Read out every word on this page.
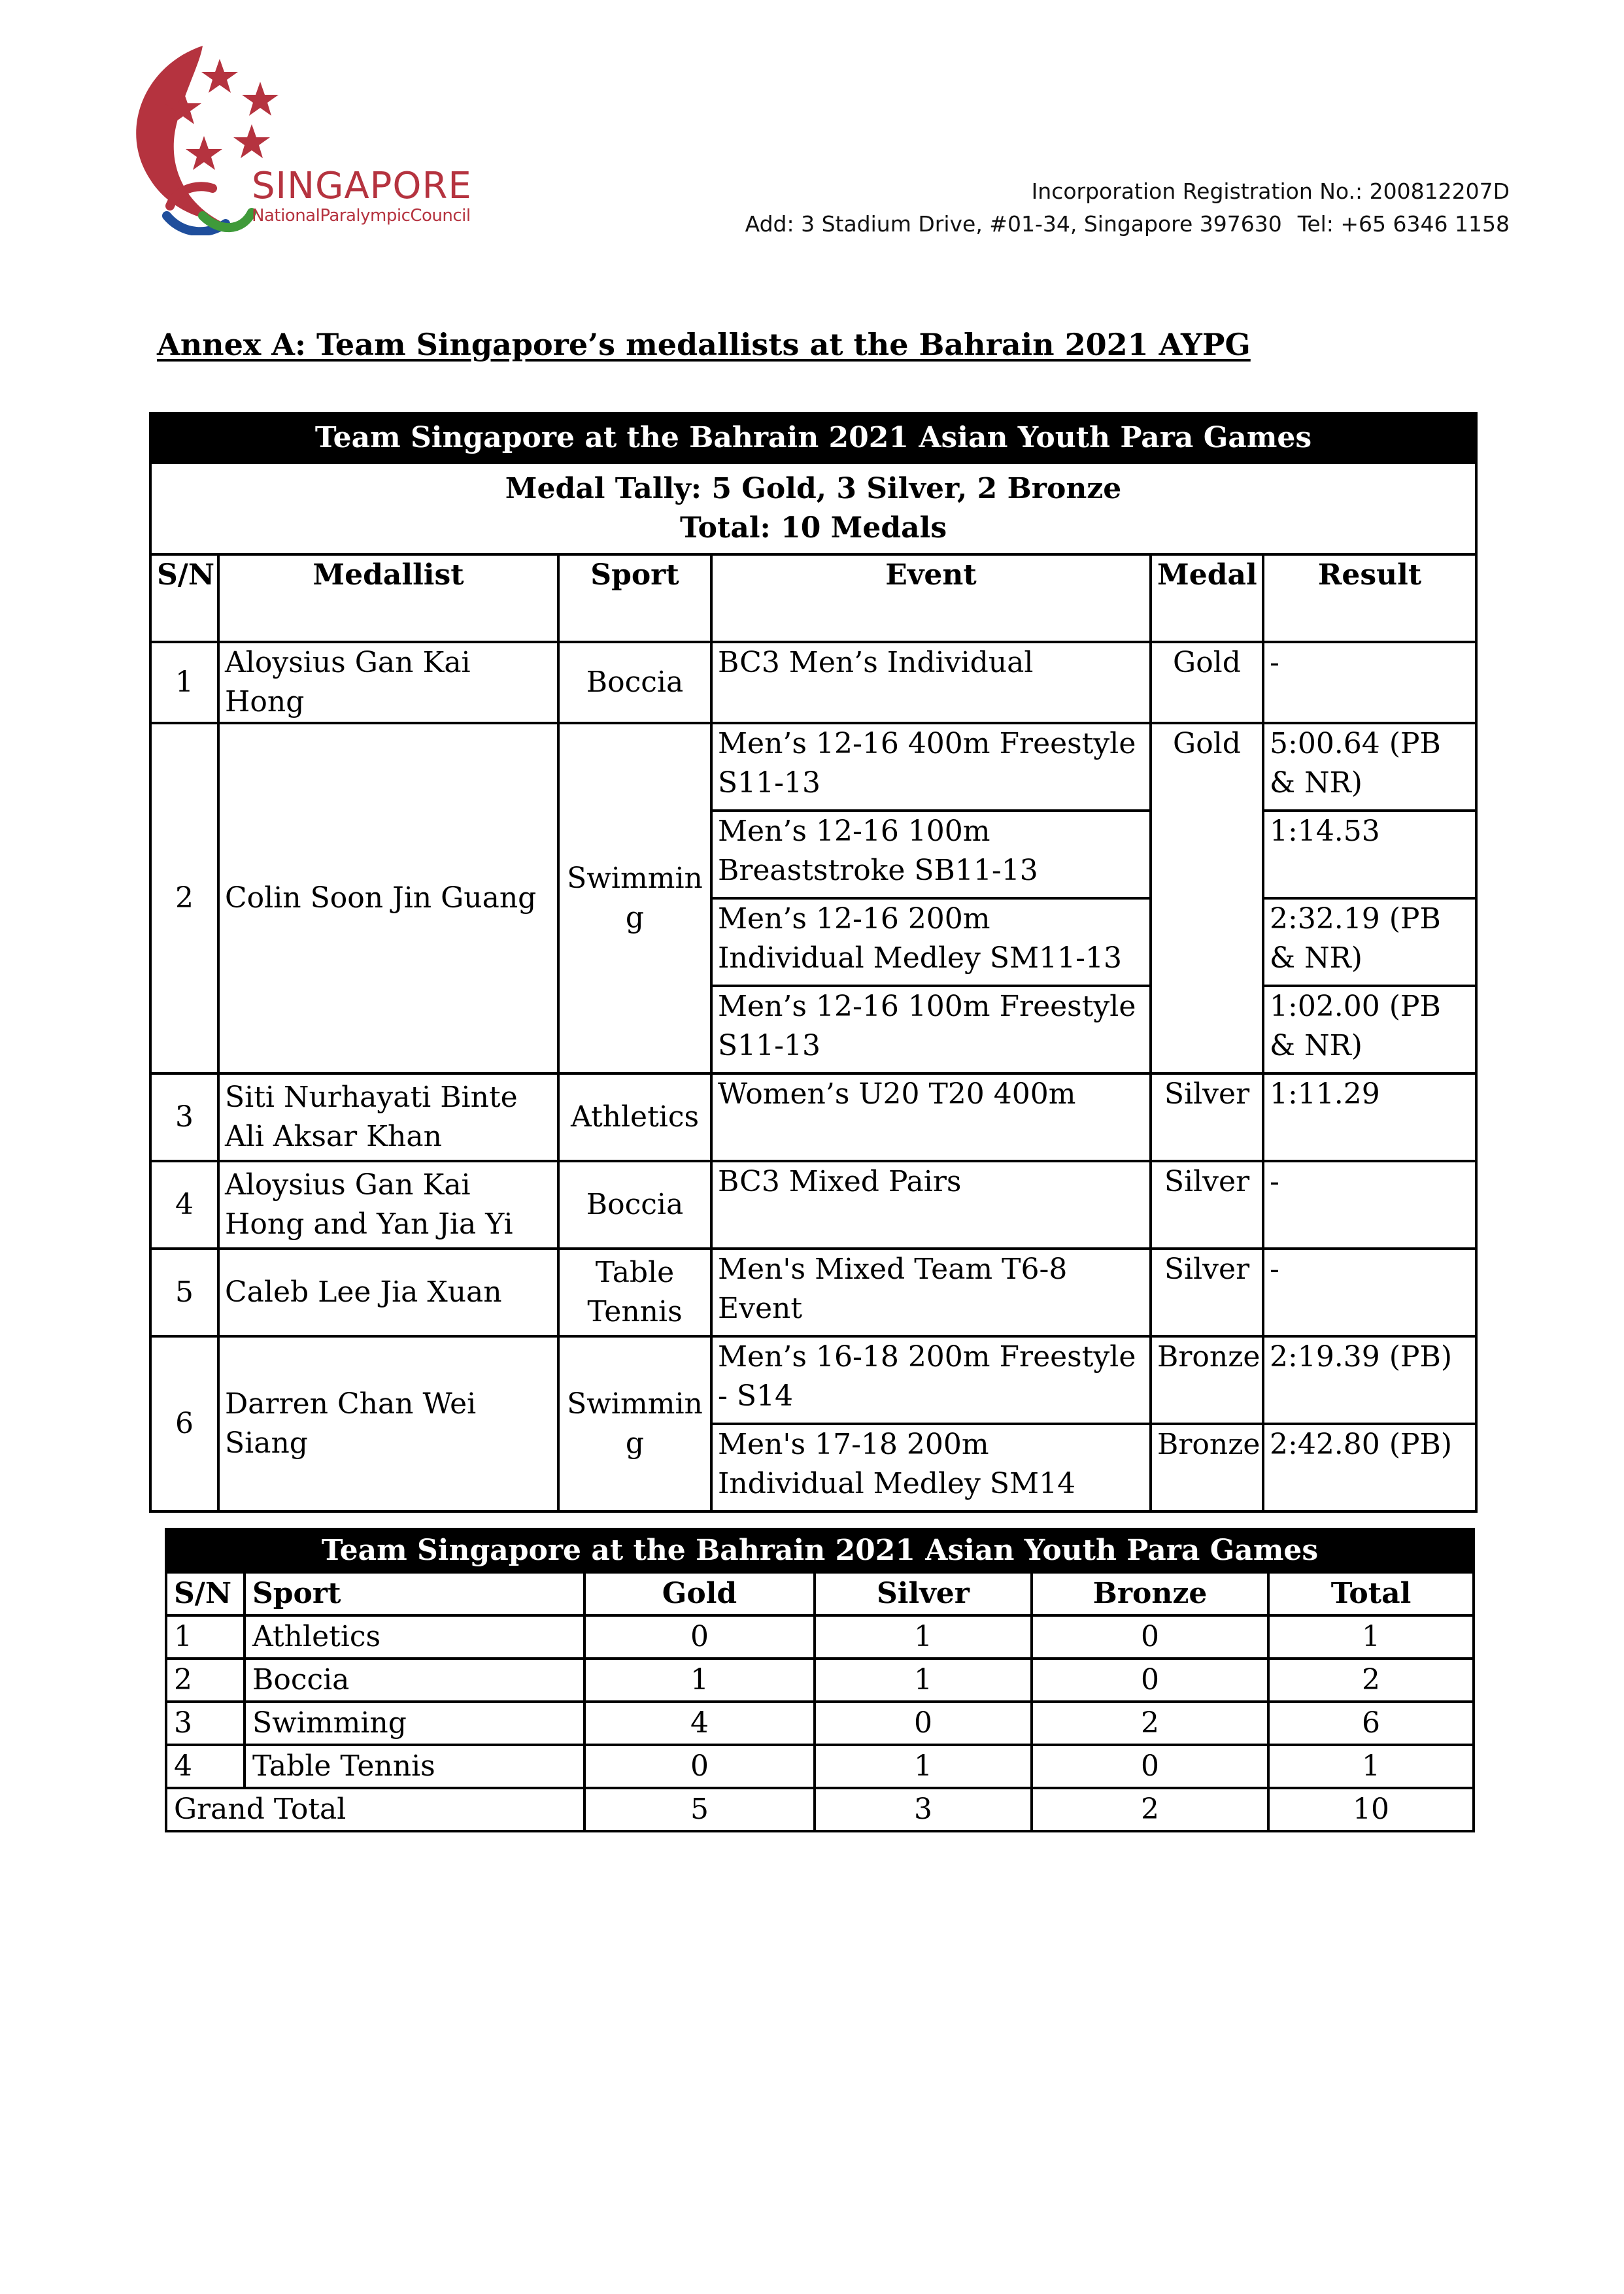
SINGAPORE
NationalParalympicCouncil
Incorporation Registration No.: 200812207D
Add: 3 Stadium Drive, #01-34, Singapore 397630 Tel: +65 6346 1158
Annex A: Team Singapore’s medallists at the Bahrain 2021 AYPG
Team Singapore at the Bahrain 2021 Asian Youth Para Games					

Medal Tally: 5 Gold, 3 Silver, 2 Bronze
Total: 10 Medals					

S/N	Medallist	Sport	Event	Medal	Result
1	Aloysius Gan Kai Hong	Boccia	BC3 Men’s Individual	Gold	-
2	Colin Soon Jin Guang	Swimming	Men’s 12-16 400m Freestyle S11-13	Gold	5:00.64 (PB & NR)
			Men’s 12-16 100m Breaststroke SB11-13		1:14.53
			Men’s 12-16 200m Individual Medley SM11-13		2:32.19 (PB & NR)
			Men’s 12-16 100m Freestyle S11-13		1:02.00 (PB & NR)
3	Siti Nurhayati Binte Ali Aksar Khan	Athletics	Women’s U20 T20 400m	Silver	1:11.29
4	Aloysius Gan Kai Hong and Yan Jia Yi	Boccia	BC3 Mixed Pairs	Silver	-
5	Caleb Lee Jia Xuan	Table Tennis	Men's Mixed Team T6-8 Event	Silver	-
6	Darren Chan Wei Siang	Swimming	Men’s 16-18 200m Freestyle - S14	Bronze	2:19.39 (PB)
			Men's 17-18 200m Individual Medley SM14	Bronze	2:42.80 (PB)
Team Singapore at the Bahrain 2021 Asian Youth Para Games					
S/N	Sport	Gold	Silver	Bronze	Total
1	Athletics	0	1	0	1
2	Boccia	1	1	0	2
3	Swimming	4	0	2	6
4	Table Tennis	0	1	0	1
Grand Total		5	3	2	10
